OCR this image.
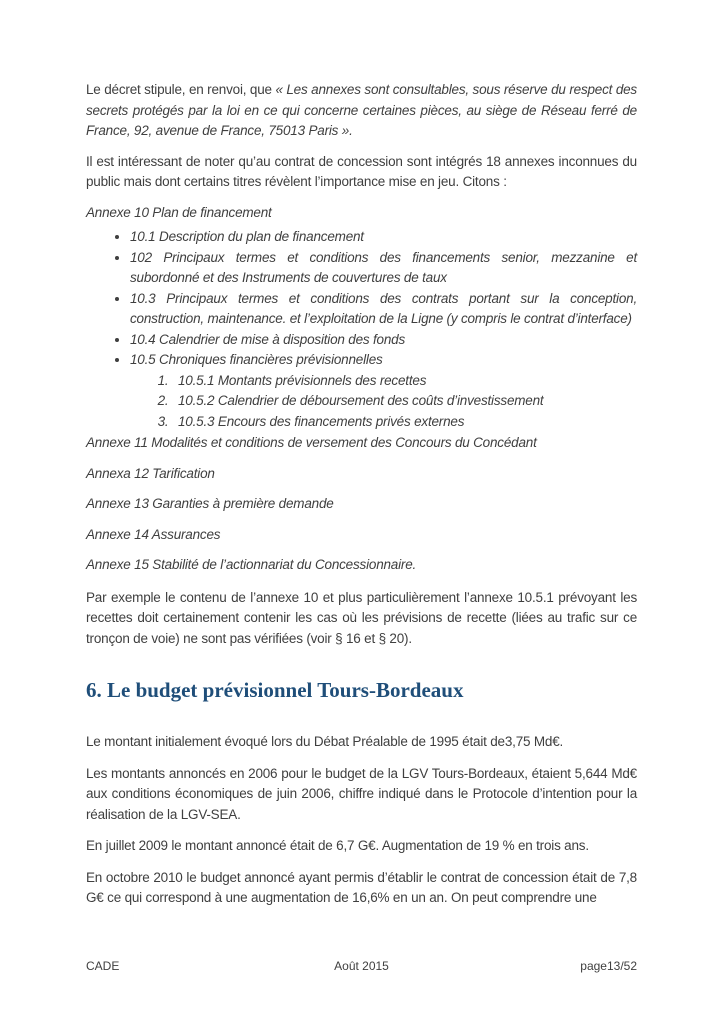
Le décret stipule, en renvoi, que « Les annexes sont consultables, sous réserve du respect des secrets protégés par la loi en ce qui concerne certaines pièces, au siège de Réseau ferré de France, 92, avenue de France, 75013 Paris ».

Il est intéressant de noter qu’au contrat de concession sont intégrés 18 annexes inconnues du public mais dont certains titres révèlent l’importance mise en jeu. Citons :

Annexe 10 Plan de financement
• 10.1 Description du plan de financement
• 102 Principaux termes et conditions des financements senior, mezzanine et subordonné et des Instruments de couvertures de taux
• 10.3 Principaux termes et conditions des contrats portant sur la conception, construction, maintenance. et l’exploitation de la Ligne (y compris le contrat d’interface)
• 10.4 Calendrier de mise à disposition des fonds
• 10.5 Chroniques financières prévisionnelles
1. 10.5.1 Montants prévisionnels des recettes
2. 10.5.2 Calendrier de déboursement des coûts d’investissement
3. 10.5.3 Encours des financements privés externes
Annexe 11 Modalités et conditions de versement des Concours du Concédant
Annexa 12 Tarification
Annexe 13 Garanties à première demande
Annexe 14 Assurances
Annexe 15 Stabilité de l’actionnariat du Concessionnaire.

Par exemple le contenu de l’annexe 10 et plus particulièrement l’annexe 10.5.1 prévoyant les recettes doit certainement contenir les cas où les prévisions de recette (liées au trafic sur ce tronçon de voie) ne sont pas vérifiées (voir § 16 et § 20).

6. Le budget prévisionnel Tours-Bordeaux

Le montant initialement évoqué lors du Débat Préalable de 1995 était de3,75 Md€.

Les montants annoncés en 2006 pour le budget de la LGV Tours-Bordeaux, étaient 5,644 Md€ aux conditions économiques de juin 2006, chiffre indiqué dans le Protocole d’intention pour la réalisation de la LGV-SEA.

En juillet 2009 le montant annoncé était de 6,7 G€. Augmentation de 19 % en trois ans.

En octobre 2010 le budget annoncé ayant permis d’établir le contrat de concession était de 7,8 G€ ce qui correspond à une augmentation de 16,6% en un an. On peut comprendre une

CADE	Août 2015	page13/52
